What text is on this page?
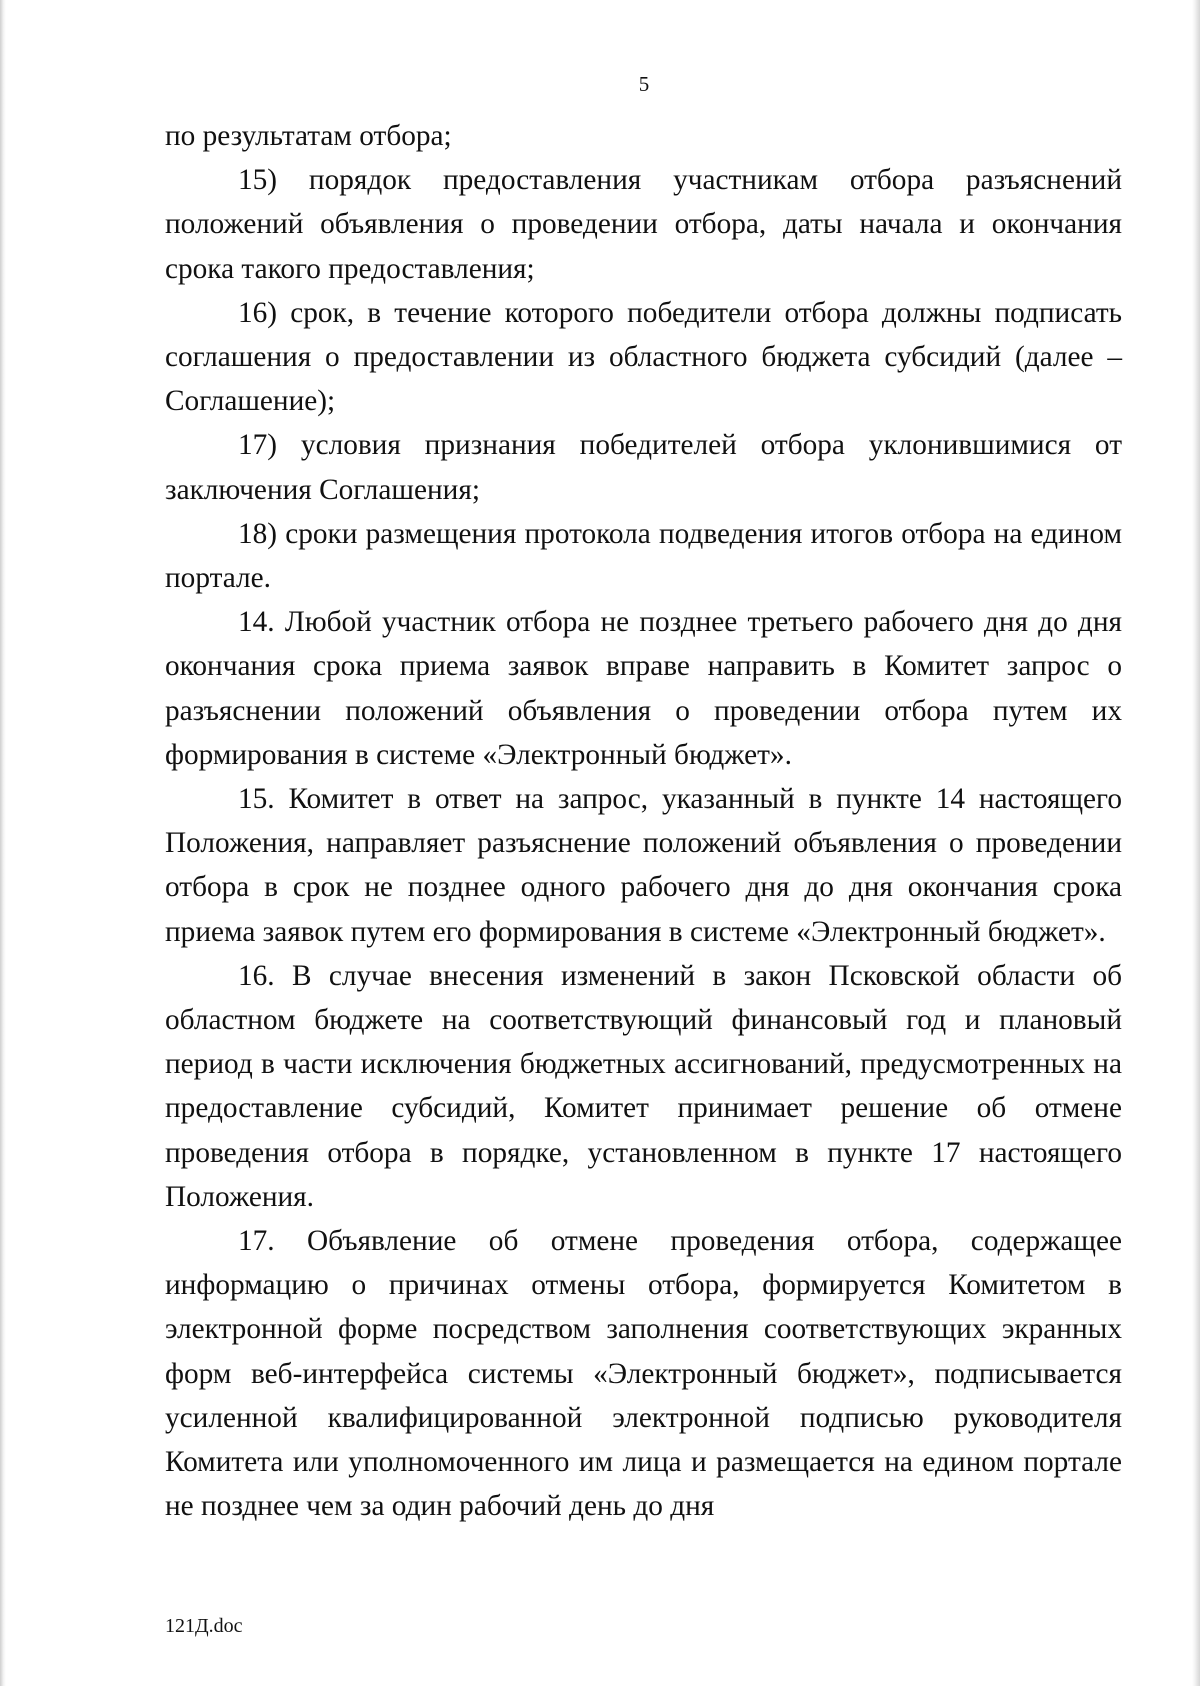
5

по результатам отбора;

15) порядок предоставления участникам отбора разъяснений положений объявления о проведении отбора, даты начала и окончания срока такого предоставления;

16) срок, в течение которого победители отбора должны подписать соглашения о предоставлении из областного бюджета субсидий (далее – Соглашение);

17) условия признания победителей отбора уклонившимися от заключения Соглашения;

18) сроки размещения протокола подведения итогов отбора на едином портале.

14. Любой участник отбора не позднее третьего рабочего дня до дня окончания срока приема заявок вправе направить в Комитет запрос о разъяснении положений объявления о проведении отбора путем их формирования в системе «Электронный бюджет».

15. Комитет в ответ на запрос, указанный в пункте 14 настоящего Положения, направляет разъяснение положений объявления о проведении отбора в срок не позднее одного рабочего дня до дня окончания срока приема заявок путем его формирования в системе «Электронный бюджет».

16. В случае внесения изменений в закон Псковской области об областном бюджете на соответствующий финансовый год и плановый период в части исключения бюджетных ассигнований, предусмотренных на предоставление субсидий, Комитет принимает решение об отмене проведения отбора в порядке, установленном в пункте 17 настоящего Положения.

17. Объявление об отмене проведения отбора, содержащее информацию о причинах отмены отбора, формируется Комитетом в электронной форме посредством заполнения соответствующих экранных форм веб-интерфейса системы «Электронный бюджет», подписывается усиленной квалифицированной электронной подписью руководителя Комитета или уполномоченного им лица и размещается на едином портале не позднее чем за один рабочий день до дня

121Д.doc
